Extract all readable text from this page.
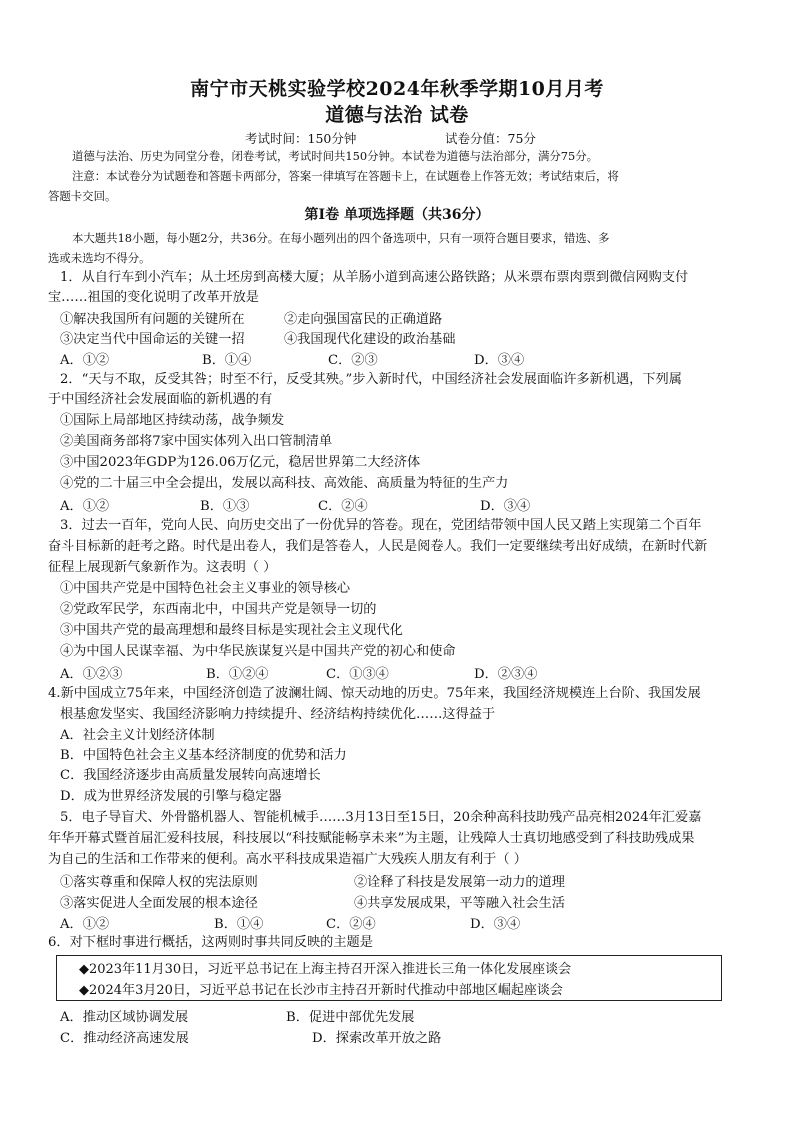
南宁市天桃实验学校2024年秋季学期10月月考
道德与法治 试卷
考试时间：150分钟	试卷分值：75分
道德与法治、历史为同堂分卷，闭卷考试，考试时间共150分钟。本试卷为道德与法治部分，满分75分。
注意：本试卷分为试题卷和答题卡两部分，答案一律填写在答题卡上，在试题卷上作答无效；考试结束后，将
答题卡交回。
第Ⅰ卷 单项选择题（共36分）
本大题共18小题，每小题2分，共36分。在每小题列出的四个备选项中，只有一项符合题目要求，错选、多
选或未选均不得分。
1．从自行车到小汽车；从土坯房到高楼大厦；从羊肠小道到高速公路铁路；从米票布票肉票到微信网购支付
宝……祖国的变化说明了改革开放是
①解决我国所有问题的关键所在	②走向强国富民的正确道路
③决定当代中国命运的关键一招	④我国现代化建设的政治基础
A．①②	B．①④	C．②③	D．③④
2．“天与不取，反受其咎；时至不行，反受其殃。”步入新时代，中国经济社会发展面临许多新机遇，下列属
于中国经济社会发展面临的新机遇的有
①国际上局部地区持续动荡，战争频发
②美国商务部将7家中国实体列入出口管制清单
③中国2023年GDP为126.06万亿元，稳居世界第二大经济体
④党的二十届三中全会提出，发展以高科技、高效能、高质量为特征的生产力
A．①②	B．①③	C．②④	D．③④
3．过去一百年，党向人民、向历史交出了一份优异的答卷。现在，党团结带领中国人民又踏上实现第二个百年
奋斗目标新的赶考之路。时代是出卷人，我们是答卷人，人民是阅卷人。我们一定要继续考出好成绩，在新时代新
征程上展现新气象新作为。这表明（ ）
①中国共产党是中国特色社会主义事业的领导核心
②党政军民学，东西南北中，中国共产党是领导一切的
③中国共产党的最高理想和最终目标是实现社会主义现代化
④为中国人民谋幸福、为中华民族谋复兴是中国共产党的初心和使命
A．①②③	B．①②④	C．①③④	D．②③④
4.新中国成立75年来，中国经济创造了波澜壮阔、惊天动地的历史。75年来，我国经济规模连上台阶、我国发展
根基愈发坚实、我国经济影响力持续提升、经济结构持续优化……这得益于
A．社会主义计划经济体制
B．中国特色社会主义基本经济制度的优势和活力
C．我国经济逐步由高质量发展转向高速增长
D．成为世界经济发展的引擎与稳定器
5．电子导盲犬、外骨骼机器人、智能机械手……3月13日至15日，20余种高科技助残产品亮相2024年汇爱嘉
年华开幕式暨首届汇爱科技展，科技展以“科技赋能畅享未来”为主题，让残障人士真切地感受到了科技助残成果
为自己的生活和工作带来的便利。高水平科技成果造福广大残疾人朋友有利于（ ）
①落实尊重和保障人权的宪法原则	②诠释了科技是发展第一动力的道理
③落实促进人全面发展的根本途径	④共享发展成果，平等融入社会生活
A．①②	B．①④	C．②④	D．③④
6．对下框时事进行概括，这两则时事共同反映的主题是
◆2023年11月30日，习近平总书记在上海主持召开深入推进长三角一体化发展座谈会
◆2024年3月20日，习近平总书记在长沙市主持召开新时代推动中部地区崛起座谈会
A．推动区域协调发展	B．促进中部优先发展
C．推动经济高速发展	D．探索改革开放之路
